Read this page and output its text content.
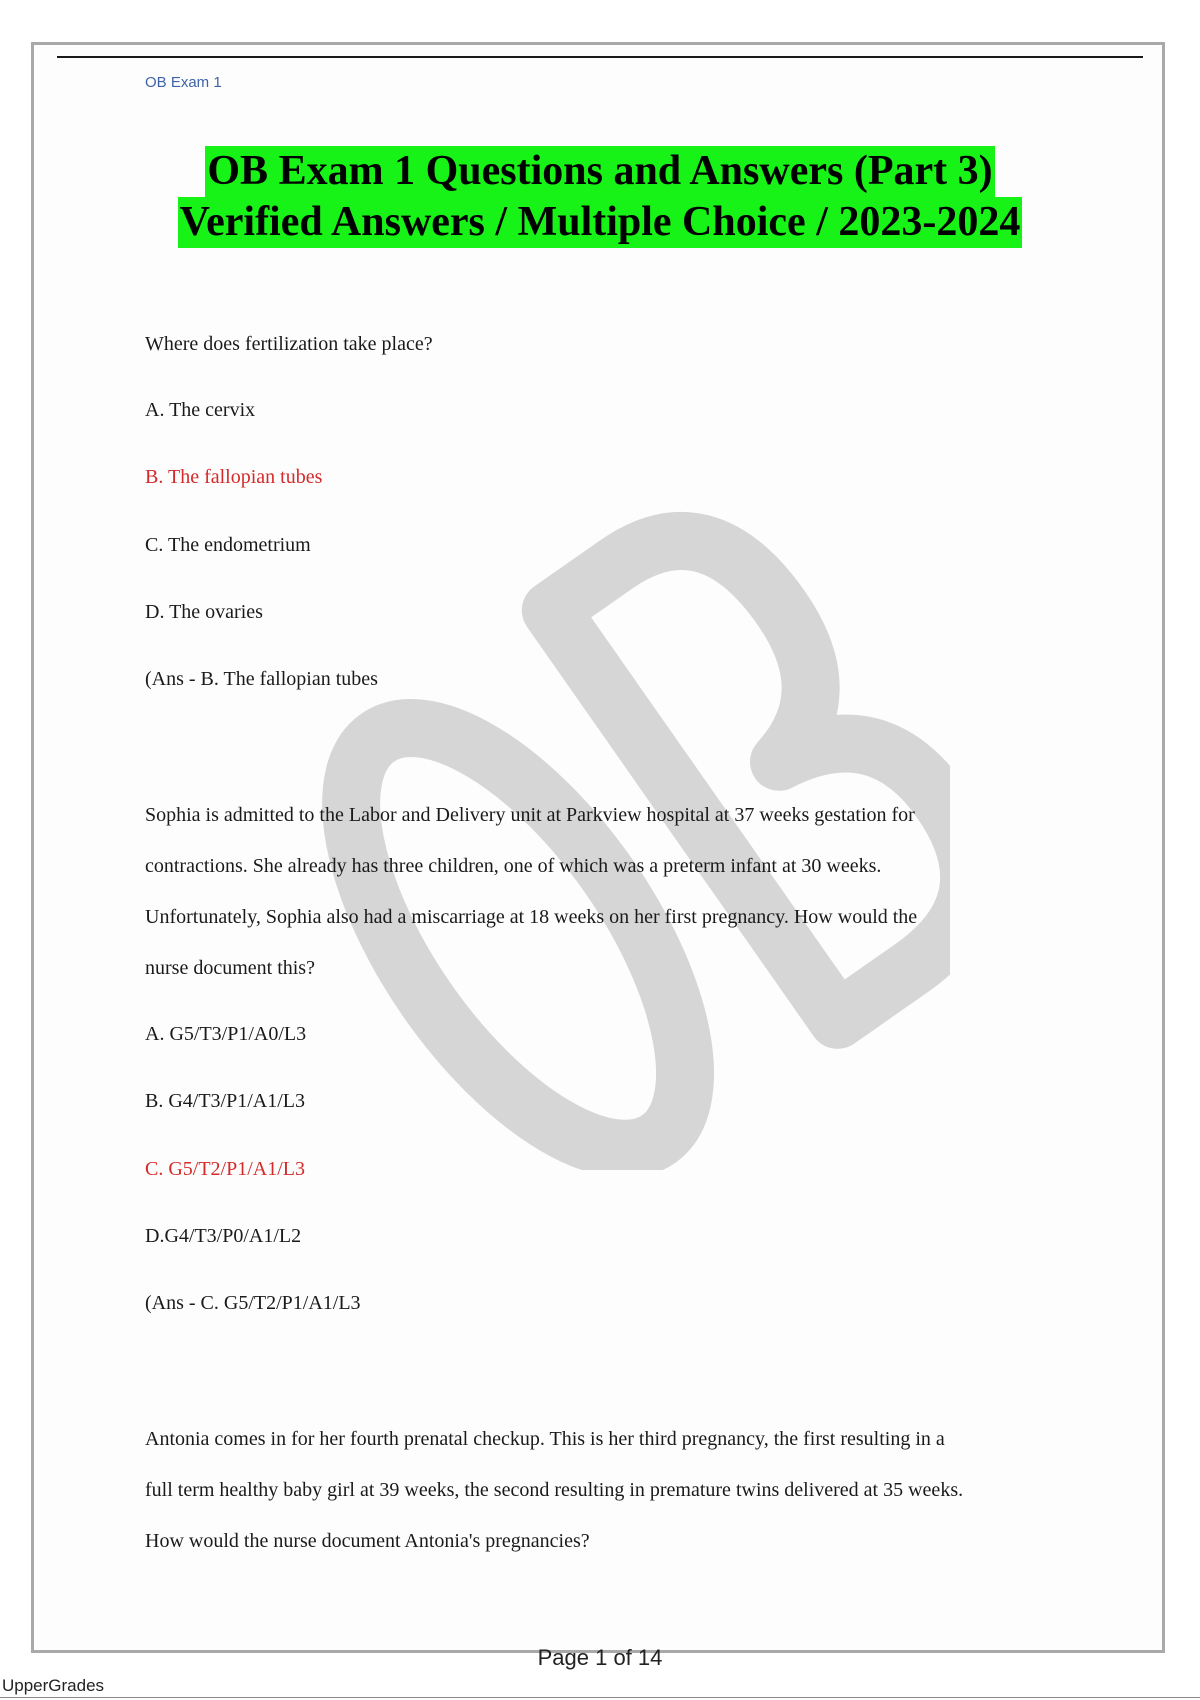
OB Exam 1
OB Exam 1 Questions and Answers (Part 3)
Verified Answers / Multiple Choice / 2023-2024
Where does fertilization take place?
A. The cervix
B. The fallopian tubes
C. The endometrium
D. The ovaries
(Ans - B. The fallopian tubes
Sophia is admitted to the Labor and Delivery unit at Parkview hospital at 37 weeks gestation for
contractions. She already has three children, one of which was a preterm infant at 30 weeks.
Unfortunately, Sophia also had a miscarriage at 18 weeks on her first pregnancy. How would the
nurse document this?
A. G5/T3/P1/A0/L3
B. G4/T3/P1/A1/L3
C. G5/T2/P1/A1/L3
D.G4/T3/P0/A1/L2
(Ans - C. G5/T2/P1/A1/L3
Antonia comes in for her fourth prenatal checkup. This is her third pregnancy, the first resulting in a
full term healthy baby girl at 39 weeks, the second resulting in premature twins delivered at 35 weeks.
How would the nurse document Antonia's pregnancies?
Page 1 of 14
UpperGrades
